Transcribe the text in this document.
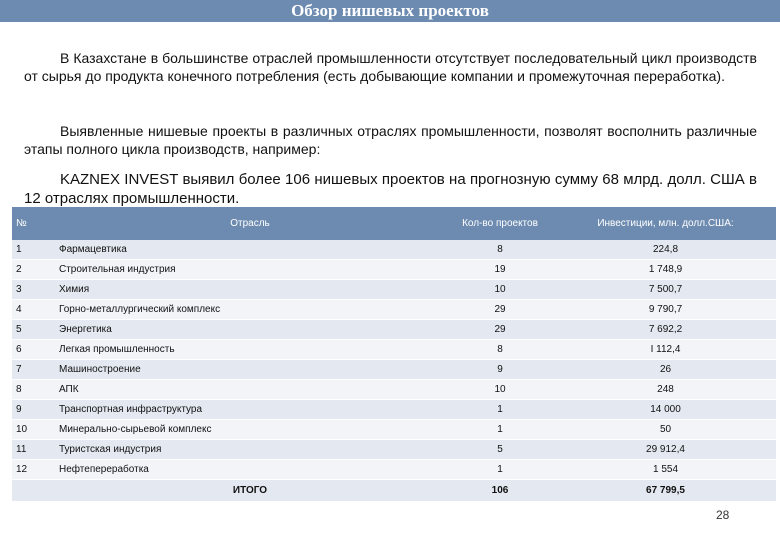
Обзор нишевых проектов

В Казахстане в большинстве отраслей промышленности отсутствует последовательный цикл производств от сырья до продукта конечного потребления (есть добывающие компании и промежуточная переработка).

Выявленные нишевые проекты в различных отраслях промышленности, позволят восполнить различные этапы полного цикла производств, например:

KAZNEX INVEST выявил более 106 нишевых проектов на прогнозную сумму 68 млрд. долл. США в 12 отраслях промышленности.

№	Отрасль	Кол-во проектов	Инвестиции, млн. долл.США:
1	Фармацевтика	8	224,8
2	Строительная индустрия	19	1 748,9
3	Химия	10	7 500,7
4	Горно-металлургический комплекс	29	9 790,7
5	Энергетика	29	7 692,2
6	Легкая промышленность	8	I 112,4
7	Машиностроение	9	26
8	АПК	10	248
9	Транспортная инфраструктура	1	14 000
10	Минерально-сырьевой комплекс	1	50
11	Туристская индустрия	5	29 912,4
12	Нефтепереработка	1	1 554
	ИТОГО	106	67 799,5
28
